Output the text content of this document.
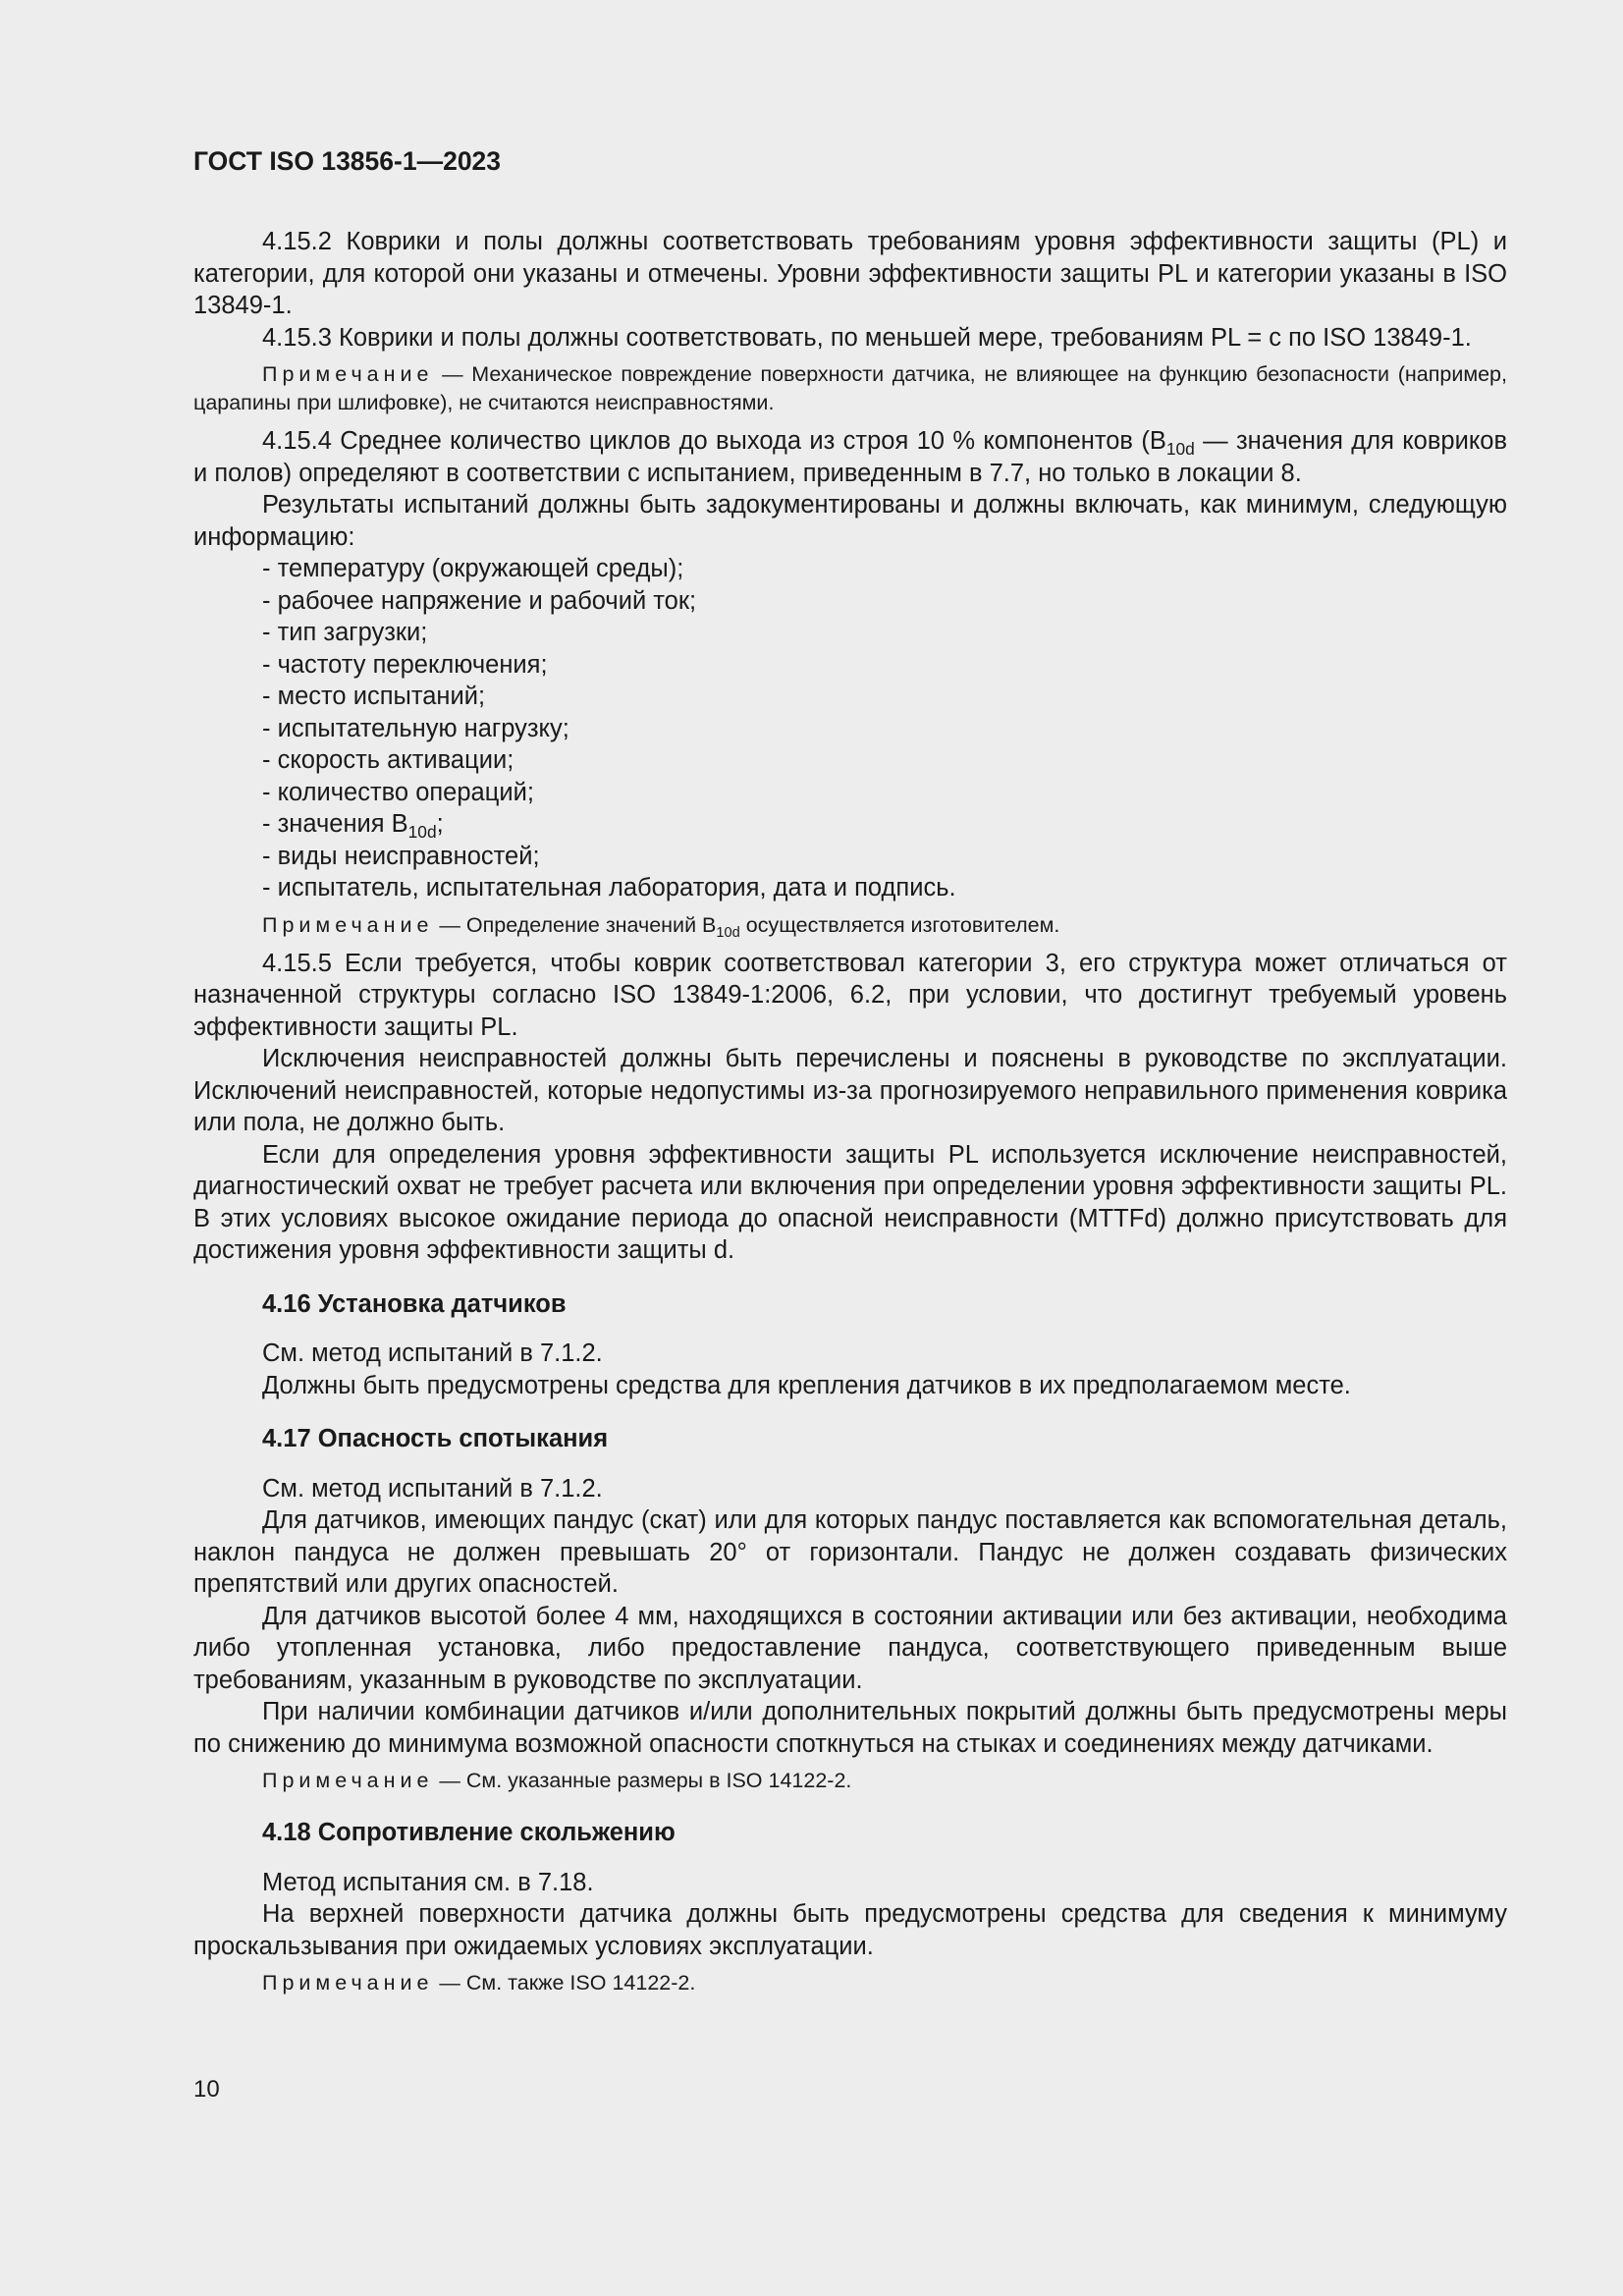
ГОСТ ISO 13856-1—2023

4.15.2 Коврики и полы должны соответствовать требованиям уровня эффективности защиты (PL) и категории, для которой они указаны и отмечены. Уровни эффективности защиты PL и категории указаны в ISO 13849-1.

4.15.3 Коврики и полы должны соответствовать, по меньшей мере, требованиям PL = с по ISO 13849-1.

Примечание — Механическое повреждение поверхности датчика, не влияющее на функцию безопасности (например, царапины при шлифовке), не считаются неисправностями.

4.15.4 Среднее количество циклов до выхода из строя 10 % компонентов ($B_{10d}$ — значения для ковриков и полов) определяют в соответствии с испытанием, приведенным в 7.7, но только в локации 8.

Результаты испытаний должны быть задокументированы и должны включать, как минимум, следующую информацию:

- температуру (окружающей среды);

- рабочее напряжение и рабочий ток;

- тип загрузки;

- частоту переключения;

- место испытаний;

- испытательную нагрузку;

- скорость активации;

- количество операций;

- значения $B_{10d}$;

- виды неисправностей;

- испытатель, испытательная лаборатория, дата и подпись.

Примечание — Определение значений $B_{10d}$ осуществляется изготовителем.

4.15.5 Если требуется, чтобы коврик соответствовал категории 3, его структура может отличаться от назначенной структуры согласно ISO 13849-1:2006, 6.2, при условии, что достигнут требуемый уровень эффективности защиты PL.

Исключения неисправностей должны быть перечислены и пояснены в руководстве по эксплуатации. Исключений неисправностей, которые недопустимы из-за прогнозируемого неправильного применения коврика или пола, не должно быть.

Если для определения уровня эффективности защиты PL используется исключение неисправностей, диагностический охват не требует расчета или включения при определении уровня эффективности защиты PL. В этих условиях высокое ожидание периода до опасной неисправности (MTTFd) должно присутствовать для достижения уровня эффективности защиты d.

4.16 Установка датчиков

См. метод испытаний в 7.1.2.

Должны быть предусмотрены средства для крепления датчиков в их предполагаемом месте.

4.17 Опасность спотыкания

См. метод испытаний в 7.1.2.

Для датчиков, имеющих пандус (скат) или для которых пандус поставляется как вспомогательная деталь, наклон пандуса не должен превышать 20° от горизонтали. Пандус не должен создавать физических препятствий или других опасностей.

Для датчиков высотой более 4 мм, находящихся в состоянии активации или без активации, необходима либо утопленная установка, либо предоставление пандуса, соответствующего приведенным выше требованиям, указанным в руководстве по эксплуатации.

При наличии комбинации датчиков и/или дополнительных покрытий должны быть предусмотрены меры по снижению до минимума возможной опасности споткнуться на стыках и соединениях между датчиками.

Примечание — См. указанные размеры в ISO 14122-2.

4.18 Сопротивление скольжению

Метод испытания см. в 7.18.

На верхней поверхности датчика должны быть предусмотрены средства для сведения к минимуму проскальзывания при ожидаемых условиях эксплуатации.

Примечание — См. также ISO 14122-2.

10
